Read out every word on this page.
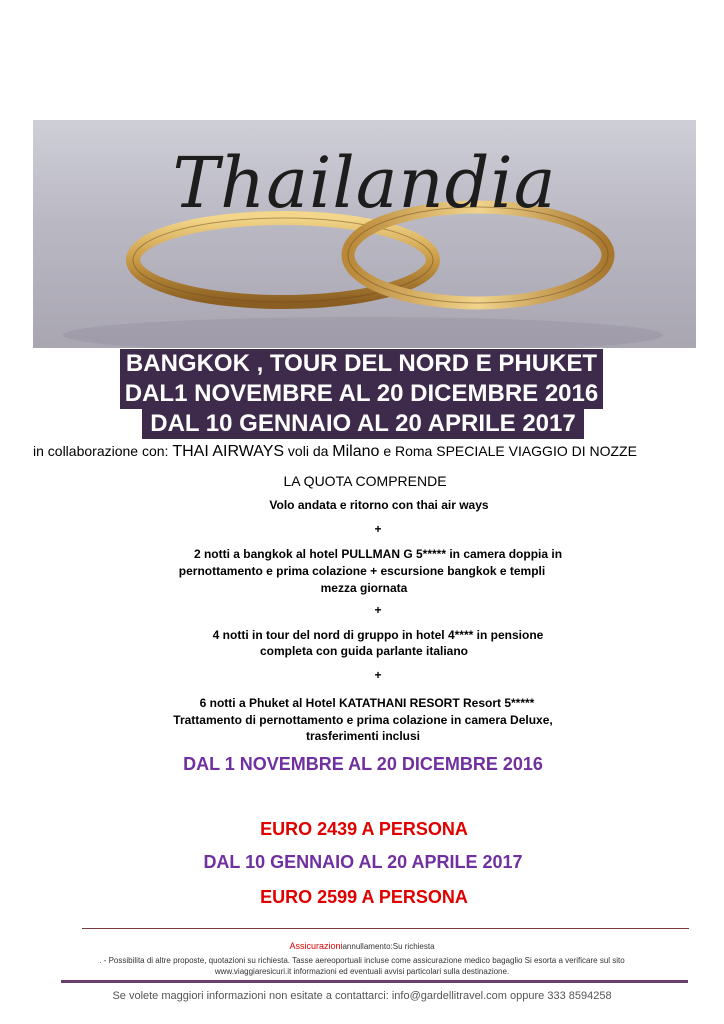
Thailandia
BANGKOK , TOUR DEL NORD E PHUKET
DAL1 NOVEMBRE AL 20 DICEMBRE 2016
DAL 10 GENNAIO AL 20 APRILE 2017
in collaborazione con: THAI AIRWAYS voli da Milano e Roma SPECIALE VIAGGIO DI NOZZE
LA QUOTA COMPRENDE
Volo andata e ritorno con thai air ways
+
2 notti a bangkok al hotel PULLMAN G 5***** in camera doppia in
pernottamento e prima colazione + escursione bangkok e templi
mezza giornata
+
4 notti in tour del nord di gruppo in hotel 4**** in pensione
completa con guida parlante italiano
+
6 notti a Phuket al Hotel KATATHANI RESORT Resort 5*****
Trattamento di pernottamento e prima colazione in camera Deluxe,
trasferimenti inclusi
DAL 1 NOVEMBRE AL 20 DICEMBRE 2016
EURO 2439 A PERSONA
DAL 10 GENNAIO AL 20 APRILE 2017
EURO 2599 A PERSONA
Assicurazioniannullamento:Su richiesta
. - Possibilita di altre proposte, quotazioni su richiesta. Tasse aereoportuali incluse come assicurazione medico bagaglio Si esorta a verificare sul sito
www.viaggiaresicuri.it informazioni ed eventuali avvisi particolari sulla destinazione.
Se volete maggiori informazioni non esitate a contattarci: info@gardellitravel.com oppure 333 8594258
